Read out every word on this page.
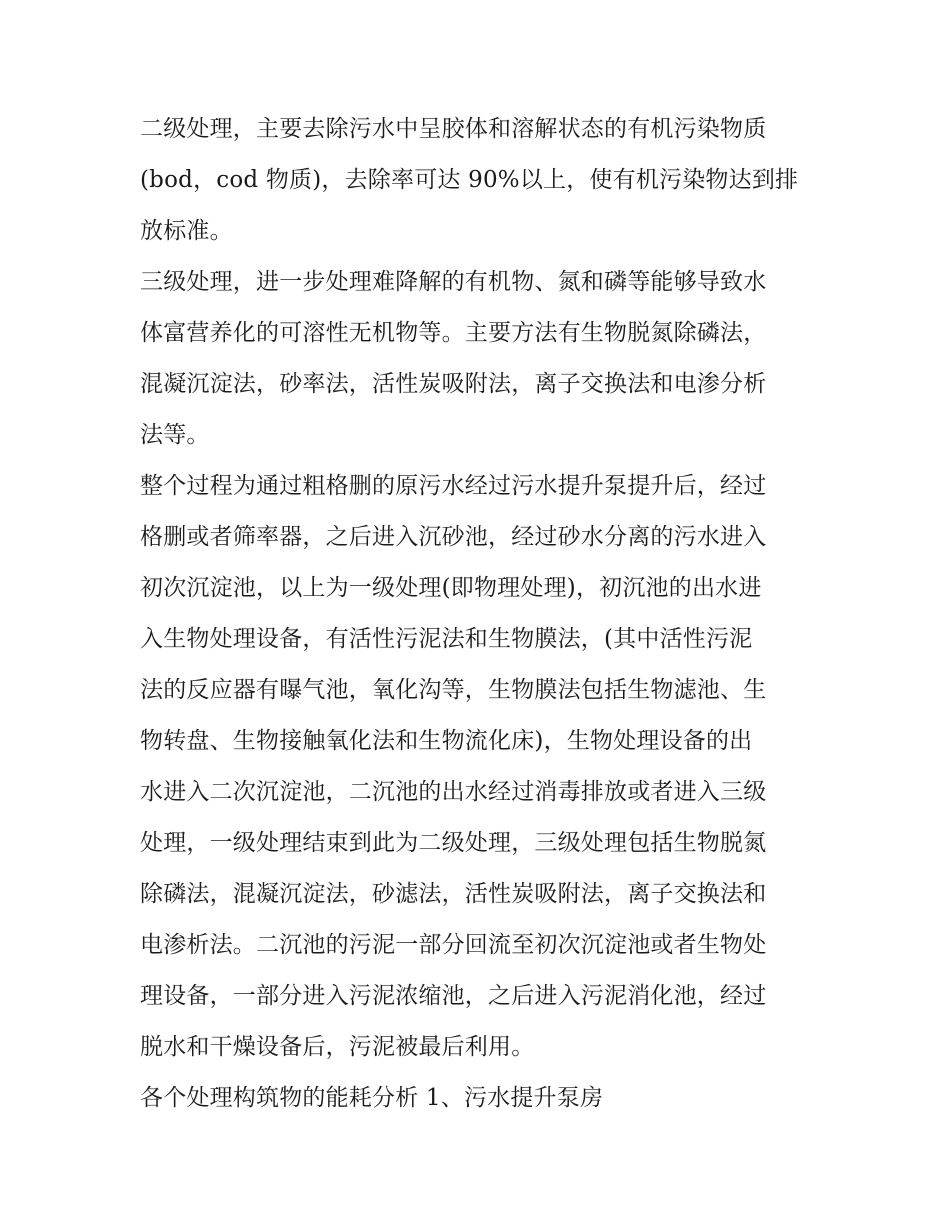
二级处理，主要去除污水中呈胶体和溶解状态的有机污染物质
(bod，cod 物质)，去除率可达 90%以上，使有机污染物达到排
放标准。
三级处理，进一步处理难降解的有机物、氮和磷等能够导致水
体富营养化的可溶性无机物等。主要方法有生物脱氮除磷法，
混凝沉淀法，砂率法，活性炭吸附法，离子交换法和电渗分析
法等。
整个过程为通过粗格删的原污水经过污水提升泵提升后，经过
格删或者筛率器，之后进入沉砂池，经过砂水分离的污水进入
初次沉淀池，以上为一级处理(即物理处理)，初沉池的出水进
入生物处理设备，有活性污泥法和生物膜法，(其中活性污泥
法的反应器有曝气池，氧化沟等，生物膜法包括生物滤池、生
物转盘、生物接触氧化法和生物流化床)，生物处理设备的出
水进入二次沉淀池，二沉池的出水经过消毒排放或者进入三级
处理，一级处理结束到此为二级处理，三级处理包括生物脱氮
除磷法，混凝沉淀法，砂滤法，活性炭吸附法，离子交换法和
电渗析法。二沉池的污泥一部分回流至初次沉淀池或者生物处
理设备，一部分进入污泥浓缩池，之后进入污泥消化池，经过
脱水和干燥设备后，污泥被最后利用。
各个处理构筑物的能耗分析 1、污水提升泵房
